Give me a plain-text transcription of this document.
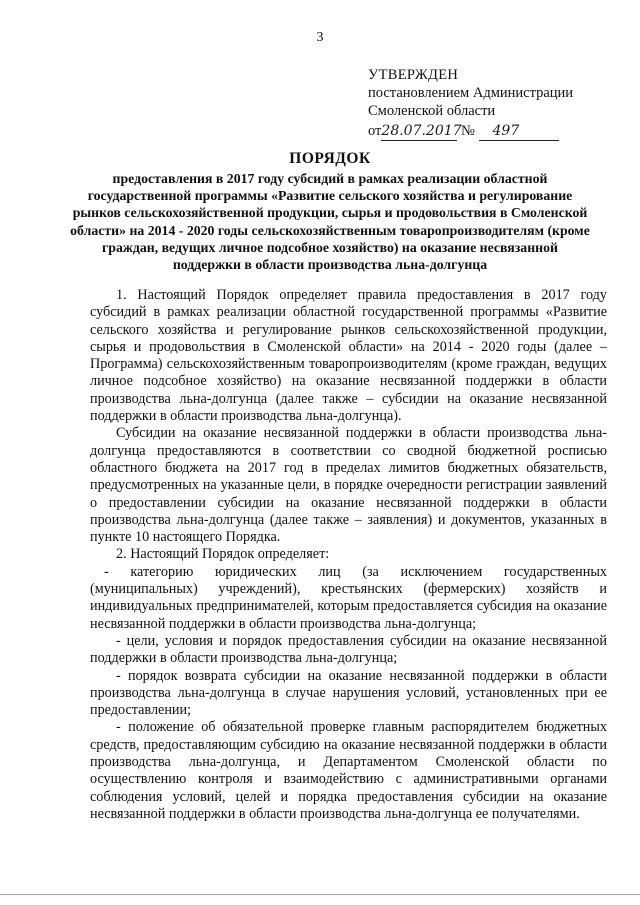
3
УТВЕРЖДЕН
постановлением Администрации
Смоленской области
от28.07.2017 № 497
ПОРЯДОК
предоставления в 2017 году субсидий в рамках реализации областной государственной программы «Развитие сельского хозяйства и регулирование рынков сельскохозяйственной продукции, сырья и продовольствия в Смоленской области» на 2014 - 2020 годы сельскохозяйственным товаропроизводителям (кроме граждан, ведущих личное подсобное хозяйство) на оказание несвязанной поддержки в области производства льна-долгунца

1. Настоящий Порядок определяет правила предоставления в 2017 году субсидий в рамках реализации областной государственной программы «Развитие сельского хозяйства и регулирование рынков сельскохозяйственной продукции, сырья и продовольствия в Смоленской области» на 2014 - 2020 годы (далее – Программа) сельскохозяйственным товаропроизводителям (кроме граждан, ведущих личное подсобное хозяйство) на оказание несвязанной поддержки в области производства льна-долгунца (далее также – субсидии на оказание несвязанной поддержки в области производства льна-долгунца).

Субсидии на оказание несвязанной поддержки в области производства льна-долгунца предоставляются в соответствии со сводной бюджетной росписью областного бюджета на 2017 год в пределах лимитов бюджетных обязательств, предусмотренных на указанные цели, в порядке очередности регистрации заявлений о предоставлении субсидии на оказание несвязанной поддержки в области производства льна-долгунца (далее также – заявления) и документов, указанных в пункте 10 настоящего Порядка.

2. Настоящий Порядок определяет:

- категорию юридических лиц (за исключением государственных (муниципальных) учреждений), крестьянских (фермерских) хозяйств и индивидуальных предпринимателей, которым предоставляется субсидия на оказание несвязанной поддержки в области производства льна-долгунца;

- цели, условия и порядок предоставления субсидии на оказание несвязанной поддержки в области производства льна-долгунца;

- порядок возврата субсидии на оказание несвязанной поддержки в области производства льна-долгунца в случае нарушения условий, установленных при ее предоставлении;

- положение об обязательной проверке главным распорядителем бюджетных средств, предоставляющим субсидию на оказание несвязанной поддержки в области производства льна-долгунца, и Департаментом Смоленской области по осуществлению контроля и взаимодействию с административными органами соблюдения условий, целей и порядка предоставления субсидии на оказание несвязанной поддержки в области производства льна-долгунца ее получателями.
